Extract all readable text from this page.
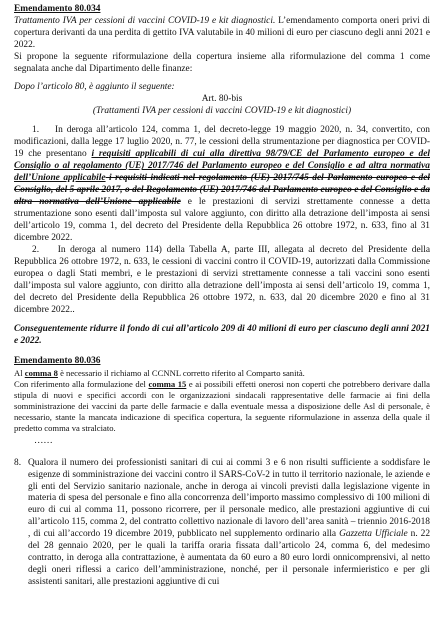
Emendamento 80.034

Trattamento IVA per cessioni di vaccini COVID-19 e kit diagnostici. L’emendamento comporta oneri privi di copertura derivanti da una perdita di gettito IVA valutabile in 40 milioni di euro per ciascuno degli anni 2021 e 2022.

Si propone la seguente riformulazione della copertura insieme alla riformulazione del comma 1 come segnalata anche dal Dipartimento delle finanze:

Dopo l’articolo 80, è aggiunto il seguente:

Art. 80-bis

(Trattamenti IVA per cessioni di vaccini COVID-19 e kit diagnostici)

1.    In deroga all’articolo 124, comma 1, del decreto-legge 19 maggio 2020, n. 34, convertito, con modificazioni, dalla legge 17 luglio 2020, n. 77, le cessioni della strumentazione per diagnostica per COVID-19 che presentano i requisiti applicabili di cui alla direttiva 98/79/CE del Parlamento europeo e del Consiglio o al regolamento (UE) 2017/746 del Parlamento europeo e del Consiglio e ad altra normativa dell’Unione applicabile i requisiti indicati nel regolamento (UE) 2017/745 del Parlamento europeo e del Consiglio, del 5 aprile 2017, o del Regolamento (UE) 2017/746 del Parlamento europeo e del Consiglio e da altra normativa dell’Unione applicabile e le prestazioni di servizi strettamente connesse a detta strumentazione sono esenti dall’imposta sul valore aggiunto, con diritto alla detrazione dell’imposta ai sensi dell’articolo 19, comma 1, del decreto del Presidente della Repubblica 26 ottobre 1972, n. 633, fino al 31 dicembre 2022.

2.    In deroga al numero 114) della Tabella A, parte III, allegata al decreto del Presidente della Repubblica 26 ottobre 1972, n. 633, le cessioni di vaccini contro il COVID-19, autorizzati dalla Commissione europea o dagli Stati membri, e le prestazioni di servizi strettamente connesse a tali vaccini sono esenti dall’imposta sul valore aggiunto, con diritto alla detrazione dell’imposta ai sensi dell’articolo 19, comma 1, del decreto del Presidente della Repubblica 26 ottobre 1972, n. 633, dal 20 dicembre 2020 e fino al 31 dicembre 2022..

Conseguentemente ridurre il fondo di cui all’articolo 209 di 40 milioni di euro per ciascuno degli anni 2021 e 2022.

Emendamento 80.036

Al comma 8 è necessario il richiamo al CCNNL corretto riferito al Comparto sanità.

Con riferimento alla formulazione del comma 15 e ai possibili effetti onerosi non coperti che potrebbero derivare dalla stipula di nuovi e specifici accordi con le organizzazioni sindacali rappresentative delle farmacie ai fini della somministrazione dei vaccini da parte delle farmacie e dalla eventuale messa a disposizione delle Asl di personale, è necessario, stante la mancata indicazione di specifica copertura, la seguente riformulazione in assenza della quale il predetto comma va stralciato.

……

8. Qualora il numero dei professionisti sanitari di cui ai commi 3 e 6 non risulti sufficiente a soddisfare le esigenze di somministrazione dei vaccini contro il SARS-CoV-2 in tutto il territorio nazionale, le aziende e gli enti del Servizio sanitario nazionale, anche in deroga ai vincoli previsti dalla legislazione vigente in materia di spesa del personale e fino alla concorrenza dell’importo massimo complessivo di 100 milioni di euro di cui al comma 11, possono ricorrere, per il personale medico, alle prestazioni aggiuntive di cui all’articolo 115, comma 2, del contratto collettivo nazionale di lavoro dell’area sanità – triennio 2016-2018 , di cui all’accordo 19 dicembre 2019, pubblicato nel supplemento ordinario alla Gazzetta Ufficiale n. 22 del 28 gennaio 2020, per le quali la tariffa oraria fissata dall’articolo 24, comma 6, del medesimo contratto, in deroga alla contrattazione, è aumentata da 60 euro a 80 euro lordi onnicomprensivi, al netto degli oneri riflessi a carico dell’amministrazione, nonché, per il personale infermieristico e per gli assistenti sanitari, alle prestazioni aggiuntive di cui
